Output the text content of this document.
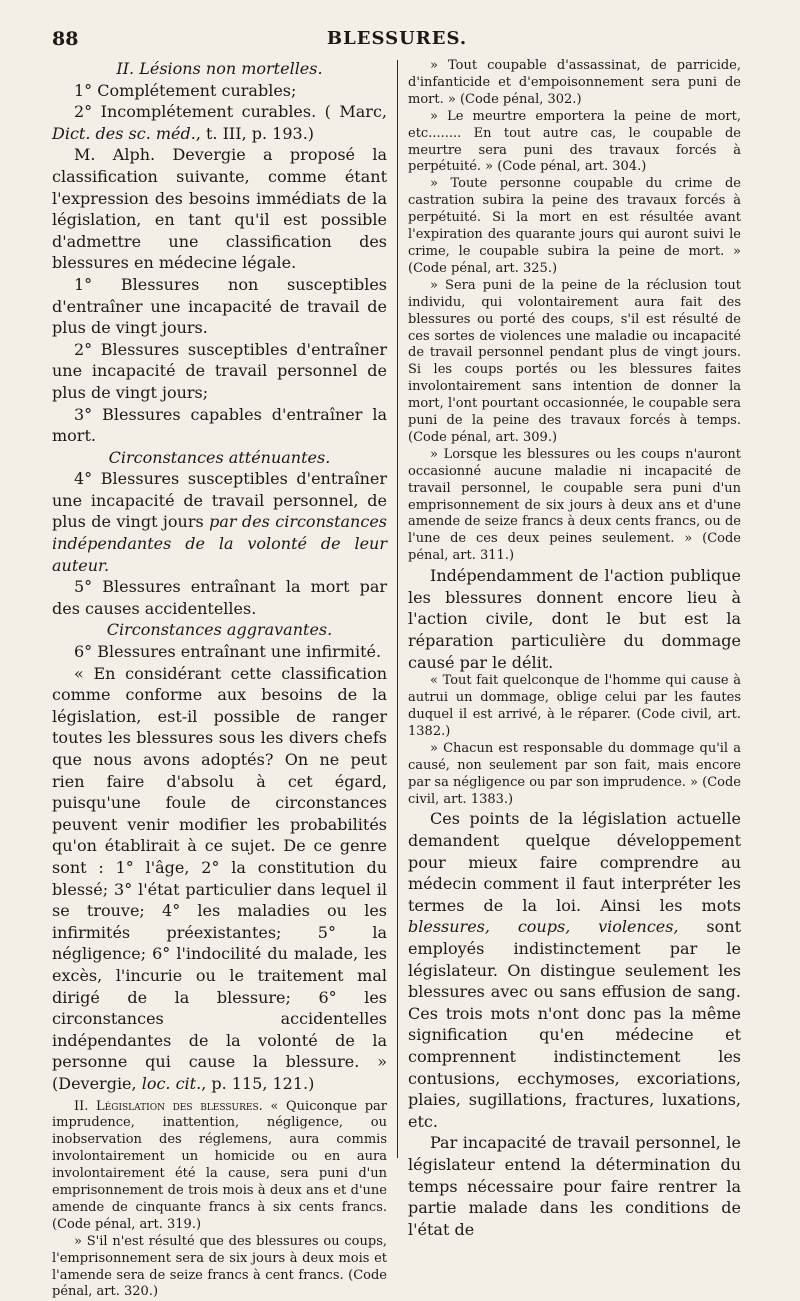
88	BLESSURES.

II. Lésions non mortelles.

1° Complétement curables;

2° Incomplétement curables. ( Marc, Dict. des sc. méd., t. III, p. 193.)

M. Alph. Devergie a proposé la classification suivante, comme étant l'expression des besoins immédiats de la législation, en tant qu'il est possible d'admettre une classification des blessures en médecine légale.

1° Blessures non susceptibles d'entraîner une incapacité de travail de plus de vingt jours.

2° Blessures susceptibles d'entraîner une incapacité de travail personnel de plus de vingt jours;

3° Blessures capables d'entraîner la mort.

Circonstances atténuantes.

4° Blessures susceptibles d'entraîner une incapacité de travail personnel, de plus de vingt jours par des circonstances indépendantes de la volonté de leur auteur.

5° Blessures entraînant la mort par des causes accidentelles.

Circonstances aggravantes.

6° Blessures entraînant une infirmité.

« En considérant cette classification comme conforme aux besoins de la législation, est-il possible de ranger toutes les blessures sous les divers chefs que nous avons adoptés? On ne peut rien faire d'absolu à cet égard, puisqu'une foule de circonstances peuvent venir modifier les probabilités qu'on établirait à ce sujet. De ce genre sont : 1° l'âge, 2° la constitution du blessé; 3° l'état particulier dans lequel il se trouve; 4° les maladies ou les infirmités préexistantes; 5° la négligence; 6° l'indocilité du malade, les excès, l'incurie ou le traitement mal dirigé de la blessure; 6° les circonstances accidentelles indépendantes de la volonté de la personne qui cause la blessure. » (Devergie, loc. cit., p. 115, 121.)

II. Législation des blessures. « Quiconque par imprudence, inattention, négligence, ou inobservation des réglemens, aura commis involontairement un homicide ou en aura involontairement été la cause, sera puni d'un emprisonnement de trois mois à deux ans et d'une amende de cinquante francs à six cents francs. (Code pénal, art. 319.)

» S'il n'est résulté que des blessures ou coups, l'emprisonnement sera de six jours à deux mois et l'amende sera de seize francs à cent francs. (Code pénal, art. 320.)

» Tout coupable d'assassinat, de parricide, d'infanticide et d'empoisonnement sera puni de mort. » (Code pénal, 302.)

» Le meurtre emportera la peine de mort, etc........ En tout autre cas, le coupable de meurtre sera puni des travaux forcés à perpétuité. » (Code pénal, art. 304.)

» Toute personne coupable du crime de castration subira la peine des travaux forcés à perpétuité. Si la mort en est résultée avant l'expiration des quarante jours qui auront suivi le crime, le coupable subira la peine de mort. » (Code pénal, art. 325.)

» Sera puni de la peine de la réclusion tout individu, qui volontairement aura fait des blessures ou porté des coups, s'il est résulté de ces sortes de violences une maladie ou incapacité de travail personnel pendant plus de vingt jours. Si les coups portés ou les blessures faites involontairement sans intention de donner la mort, l'ont pourtant occasionnée, le coupable sera puni de la peine des travaux forcés à temps. (Code pénal, art. 309.)

» Lorsque les blessures ou les coups n'auront occasionné aucune maladie ni incapacité de travail personnel, le coupable sera puni d'un emprisonnement de six jours à deux ans et d'une amende de seize francs à deux cents francs, ou de l'une de ces deux peines seulement. » (Code pénal, art. 311.)

Indépendamment de l'action publique les blessures donnent encore lieu à l'action civile, dont le but est la réparation particulière du dommage causé par le délit.

« Tout fait quelconque de l'homme qui cause à autrui un dommage, oblige celui par les fautes duquel il est arrivé, à le réparer. (Code civil, art. 1382.)

» Chacun est responsable du dommage qu'il a causé, non seulement par son fait, mais encore par sa négligence ou par son imprudence. » (Code civil, art. 1383.)

Ces points de la législation actuelle demandent quelque développement pour mieux faire comprendre au médecin comment il faut interpréter les termes de la loi. Ainsi les mots blessures, coups, violences, sont employés indistinctement par le législateur. On distingue seulement les blessures avec ou sans effusion de sang. Ces trois mots n'ont donc pas la même signification qu'en médecine et comprennent indistinctement les contusions, ecchymoses, excoriations, plaies, sugillations, fractures, luxations, etc.

Par incapacité de travail personnel, le législateur entend la détermination du temps nécessaire pour faire rentrer la partie malade dans les conditions de l'état de
